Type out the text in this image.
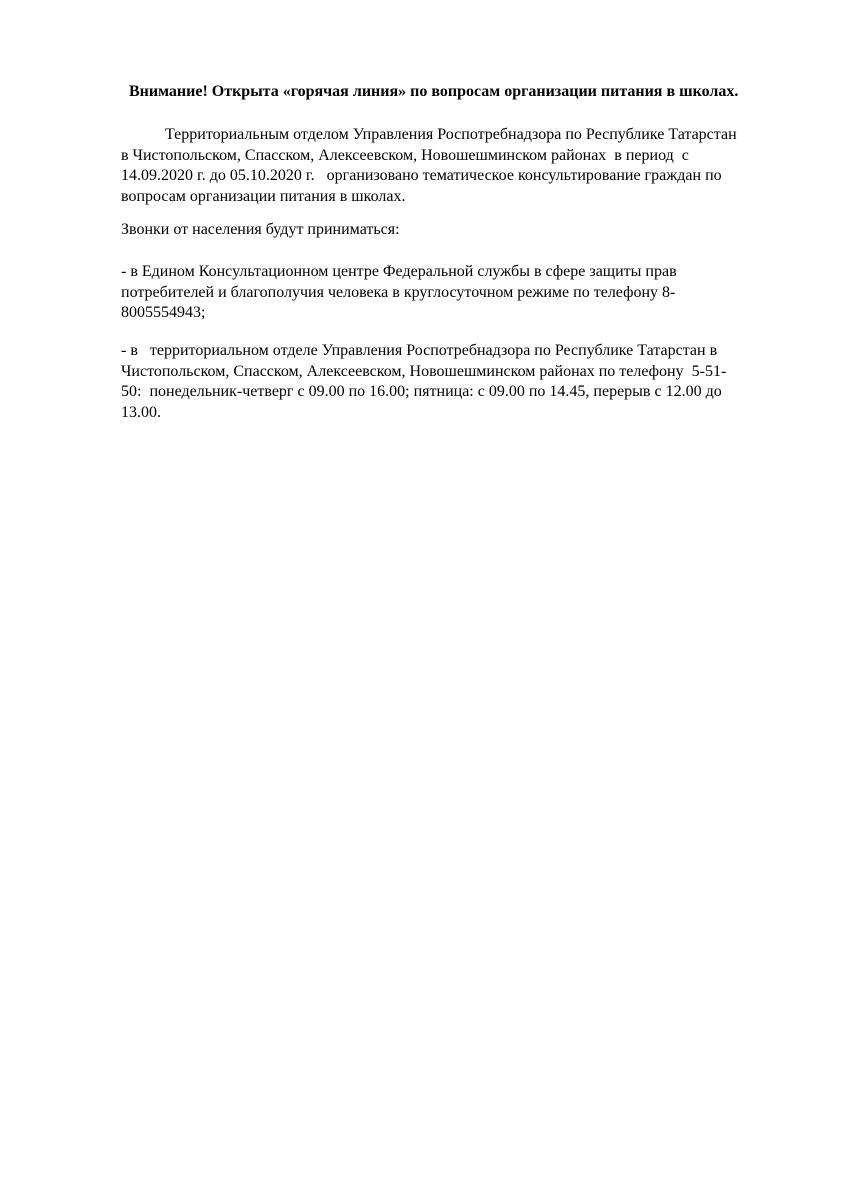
Внимание! Открыта «горячая линия» по вопросам организации питания в школах.
Территориальным отделом Управления Роспотребнадзора по Республике Татарстан
в Чистопольском, Спасском, Алексеевском, Новошешминском районах  в период  с
14.09.2020 г. до 05.10.2020 г.   организовано тематическое консультирование граждан по
вопросам организации питания в школах.
Звонки от населения будут приниматься:
- в Едином Консультационном центре Федеральной службы в сфере защиты прав
потребителей и благополучия человека в круглосуточном режиме по телефону 8-
8005554943;
- в   территориальном отделе Управления Роспотребнадзора по Республике Татарстан в
Чистопольском, Спасском, Алексеевском, Новошешминском районах по телефону  5-51-
50:  понедельник-четверг с 09.00 по 16.00; пятница: с 09.00 по 14.45, перерыв с 12.00 до
13.00.
